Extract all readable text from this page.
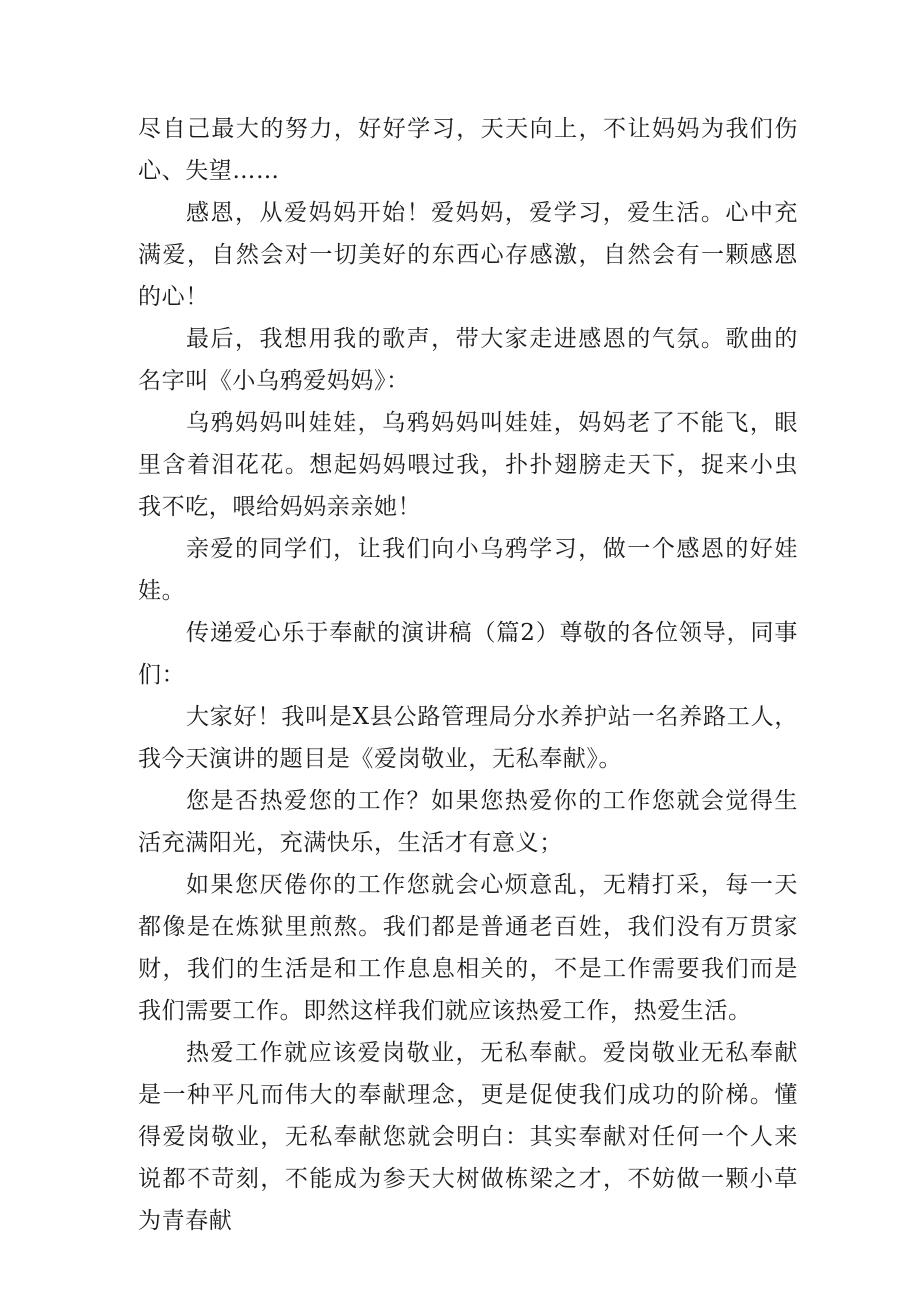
尽自己最大的努力，好好学习，天天向上，不让妈妈为我们伤心、失望……

感恩，从爱妈妈开始！爱妈妈，爱学习，爱生活。心中充满爱，自然会对一切美好的东西心存感激，自然会有一颗感恩的心！

最后，我想用我的歌声，带大家走进感恩的气氛。歌曲的名字叫《小乌鸦爱妈妈》：

乌鸦妈妈叫娃娃，乌鸦妈妈叫娃娃，妈妈老了不能飞，眼里含着泪花花。想起妈妈喂过我，扑扑翅膀走天下，捉来小虫我不吃，喂给妈妈亲亲她！

亲爱的同学们，让我们向小乌鸦学习，做一个感恩的好娃娃。

传递爱心乐于奉献的演讲稿（篇2）尊敬的各位领导，同事们：

大家好！我叫是X县公路管理局分水养护站一名养路工人，我今天演讲的题目是《爱岗敬业，无私奉献》。

您是否热爱您的工作？如果您热爱你的工作您就会觉得生活充满阳光，充满快乐，生活才有意义；

如果您厌倦你的工作您就会心烦意乱，无精打采，每一天都像是在炼狱里煎熬。我们都是普通老百姓，我们没有万贯家财，我们的生活是和工作息息相关的，不是工作需要我们而是我们需要工作。即然这样我们就应该热爱工作，热爱生活。

热爱工作就应该爱岗敬业，无私奉献。爱岗敬业无私奉献是一种平凡而伟大的奉献理念，更是促使我们成功的阶梯。懂得爱岗敬业，无私奉献您就会明白：其实奉献对任何一个人来说都不苛刻，不能成为参天大树做栋梁之才，不妨做一颗小草为青春献
